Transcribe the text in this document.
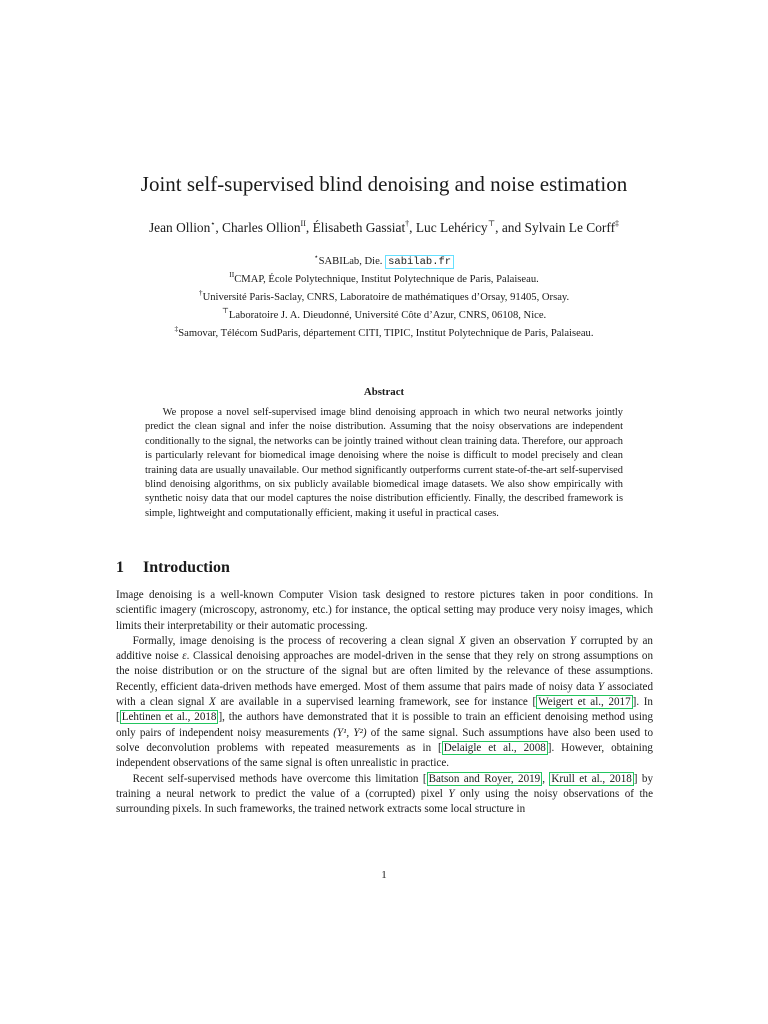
Joint self-supervised blind denoising and noise estimation
Jean Ollion⋆, Charles Ollion$^{II}$, Élisabeth Gassiat†, Luc Lehéricy⊤, and Sylvain Le Corff‡
⋆SABILab, Die. sabilab.fr
$^{II}$CMAP, École Polytechnique, Institut Polytechnique de Paris, Palaiseau.
†Université Paris-Saclay, CNRS, Laboratoire de mathématiques d’Orsay, 91405, Orsay.
⊤Laboratoire J. A. Dieudonné, Université Côte d’Azur, CNRS, 06108, Nice.
‡Samovar, Télécom SudParis, département CITI, TIPIC, Institut Polytechnique de Paris, Palaiseau.
Abstract

We propose a novel self-supervised image blind denoising approach in which two neural networks jointly predict the clean signal and infer the noise distribution. Assuming that the noisy observations are independent conditionally to the signal, the networks can be jointly trained without clean training data. Therefore, our approach is particularly relevant for biomedical image denoising where the noise is difficult to model precisely and clean training data are usually unavailable. Our method significantly outperforms current state-of-the-art self-supervised blind denoising algorithms, on six publicly available biomedical image datasets. We also show empirically with synthetic noisy data that our model captures the noise distribution efficiently. Finally, the described framework is simple, lightweight and computationally efficient, making it useful in practical cases.

1 Introduction

Image denoising is a well-known Computer Vision task designed to restore pictures taken in poor conditions. In scientific imagery (microscopy, astronomy, etc.) for instance, the optical setting may produce very noisy images, which limits their interpretability or their automatic processing.

Formally, image denoising is the process of recovering a clean signal X given an observation Y corrupted by an additive noise ε. Classical denoising approaches are model-driven in the sense that they rely on strong assumptions on the noise distribution or on the structure of the signal but are often limited by the relevance of these assumptions. Recently, efficient data-driven methods have emerged. Most of them assume that pairs made of noisy data Y associated with a clean signal X are available in a supervised learning framework, see for instance [ Weigert et al., 2017 ]. In [ Lehtinen et al., 2018 ], the authors have demonstrated that it is possible to train an efficient denoising method using only pairs of independent noisy measurements (Y¹, Y²) of the same signal. Such assumptions have also been used to solve deconvolution problems with repeated measurements as in [ Delaigle et al., 2008 ]. However, obtaining independent observations of the same signal is often unrealistic in practice.

Recent self-supervised methods have overcome this limitation [ Batson and Royer, 2019 , Krull et al., 2018 ] by training a neural network to predict the value of a (corrupted) pixel Y only using the noisy observations of the surrounding pixels. In such frameworks, the trained network extracts some local structure in

1
